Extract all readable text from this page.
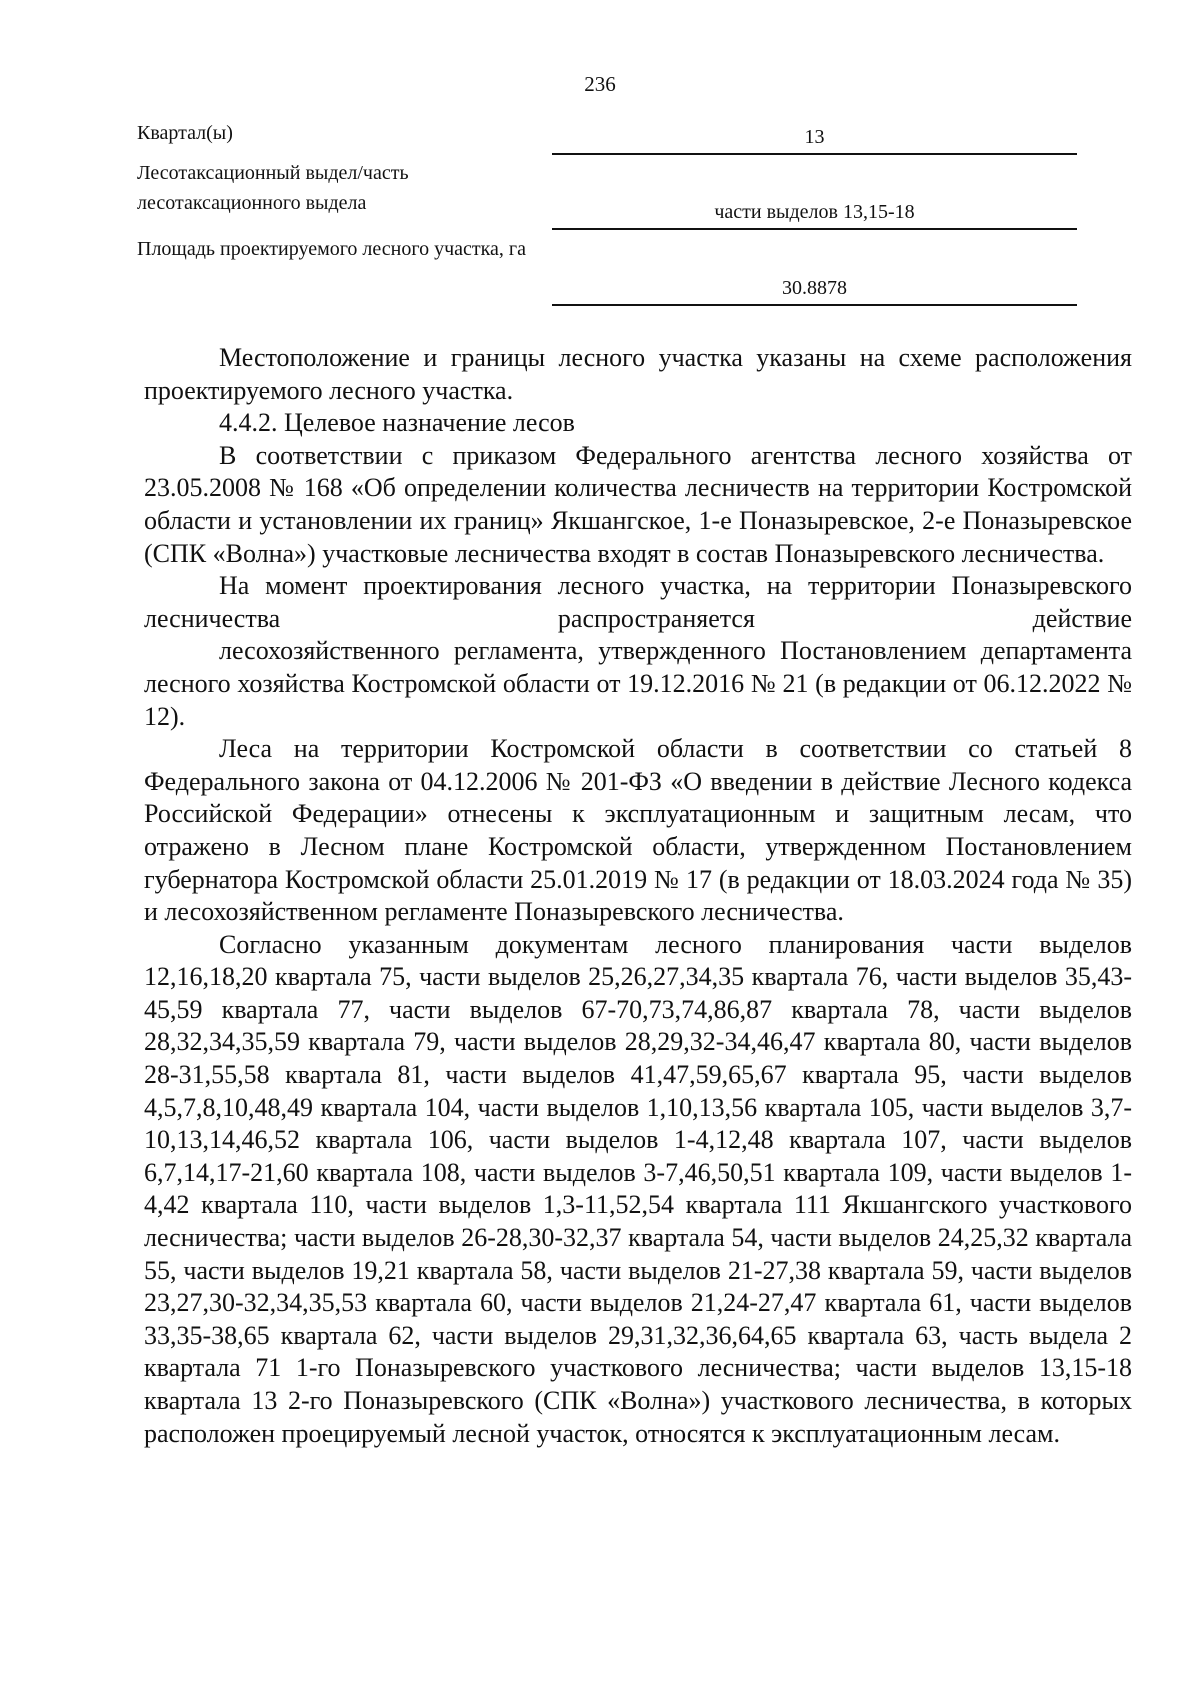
236
Квартал(ы)	13
Лесотаксационный выдел/часть лесотаксационного выдела	части выделов 13,15-18
Площадь проектируемого лесного участка, га
30.8878

Местоположение и границы лесного участка указаны на схеме расположения проектируемого лесного участка.

4.4.2. Целевое назначение лесов

В соответствии с приказом Федерального агентства лесного хозяйства от 23.05.2008 № 168 «Об определении количества лесничеств на территории Костромской области и установлении их границ» Якшангское, 1-е Поназыревское, 2-е Поназыревское (СПК «Волна») участковые лесничества входят в состав Поназыревского лесничества.

На момент проектирования лесного участка, на территории Поназыревского лесничества распространяется действие

лесохозяйственного регламента, утвержденного Постановлением департамента лесного хозяйства Костромской области от 19.12.2016 № 21 (в редакции от 06.12.2022 № 12).

Леса на территории Костромской области в соответствии со статьей 8 Федерального закона от 04.12.2006 № 201-ФЗ «О введении в действие Лесного кодекса Российской Федерации» отнесены к эксплуатационным и защитным лесам, что отражено в Лесном плане Костромской области, утвержденном Постановлением губернатора Костромской области 25.01.2019 № 17 (в редакции от 18.03.2024 года № 35) и лесохозяйственном регламенте Поназыревского лесничества.

Согласно указанным документам лесного планирования части выделов 12,16,18,20 квартала 75, части выделов 25,26,27,34,35 квартала 76, части выделов 35,43-45,59 квартала 77, части выделов 67-70,73,74,86,87 квартала 78, части выделов 28,32,34,35,59 квартала 79, части выделов 28,29,32-34,46,47 квартала 80, части выделов 28-31,55,58 квартала 81, части выделов 41,47,59,65,67 квартала 95, части выделов 4,5,7,8,10,48,49 квартала 104, части выделов 1,10,13,56 квартала 105, части выделов 3,7-10,13,14,46,52 квартала 106, части выделов 1-4,12,48 квартала 107, части выделов 6,7,14,17-21,60 квартала 108, части выделов 3-7,46,50,51 квартала 109, части выделов 1-4,42 квартала 110, части выделов 1,3-11,52,54 квартала 111 Якшангского участкового лесничества; части выделов 26-28,30-32,37 квартала 54, части выделов 24,25,32 квартала 55, части выделов 19,21 квартала 58, части выделов 21-27,38 квартала 59, части выделов 23,27,30-32,34,35,53 квартала 60, части выделов 21,24-27,47 квартала 61, части выделов 33,35-38,65 квартала 62, части выделов 29,31,32,36,64,65 квартала 63, часть выдела 2 квартала 71 1-го Поназыревского участкового лесничества; части выделов 13,15-18 квартала 13 2-го Поназыревского (СПК «Волна») участкового лесничества, в которых расположен проецируемый лесной участок, относятся к эксплуатационным лесам.
